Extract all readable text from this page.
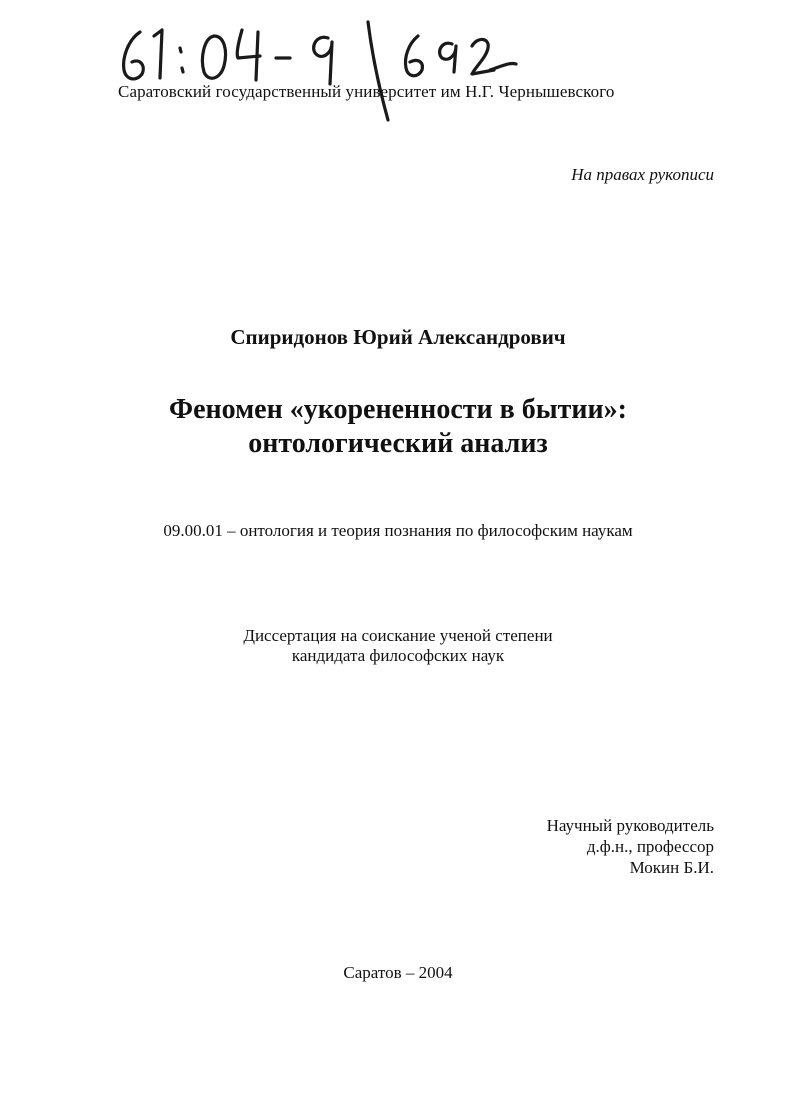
Саратовский государственный университет им Н.Г. Чернышевского
На правах рукописи
Спиридонов Юрий Александрович
Феномен «укорененности в бытии»:
онтологический анализ
09.00.01 – онтология и теория познания по философским наукам
Диссертация на соискание ученой степени
кандидата философских наук
Научный руководитель
д.ф.н., профессор
Мокин Б.И.
Саратов – 2004
